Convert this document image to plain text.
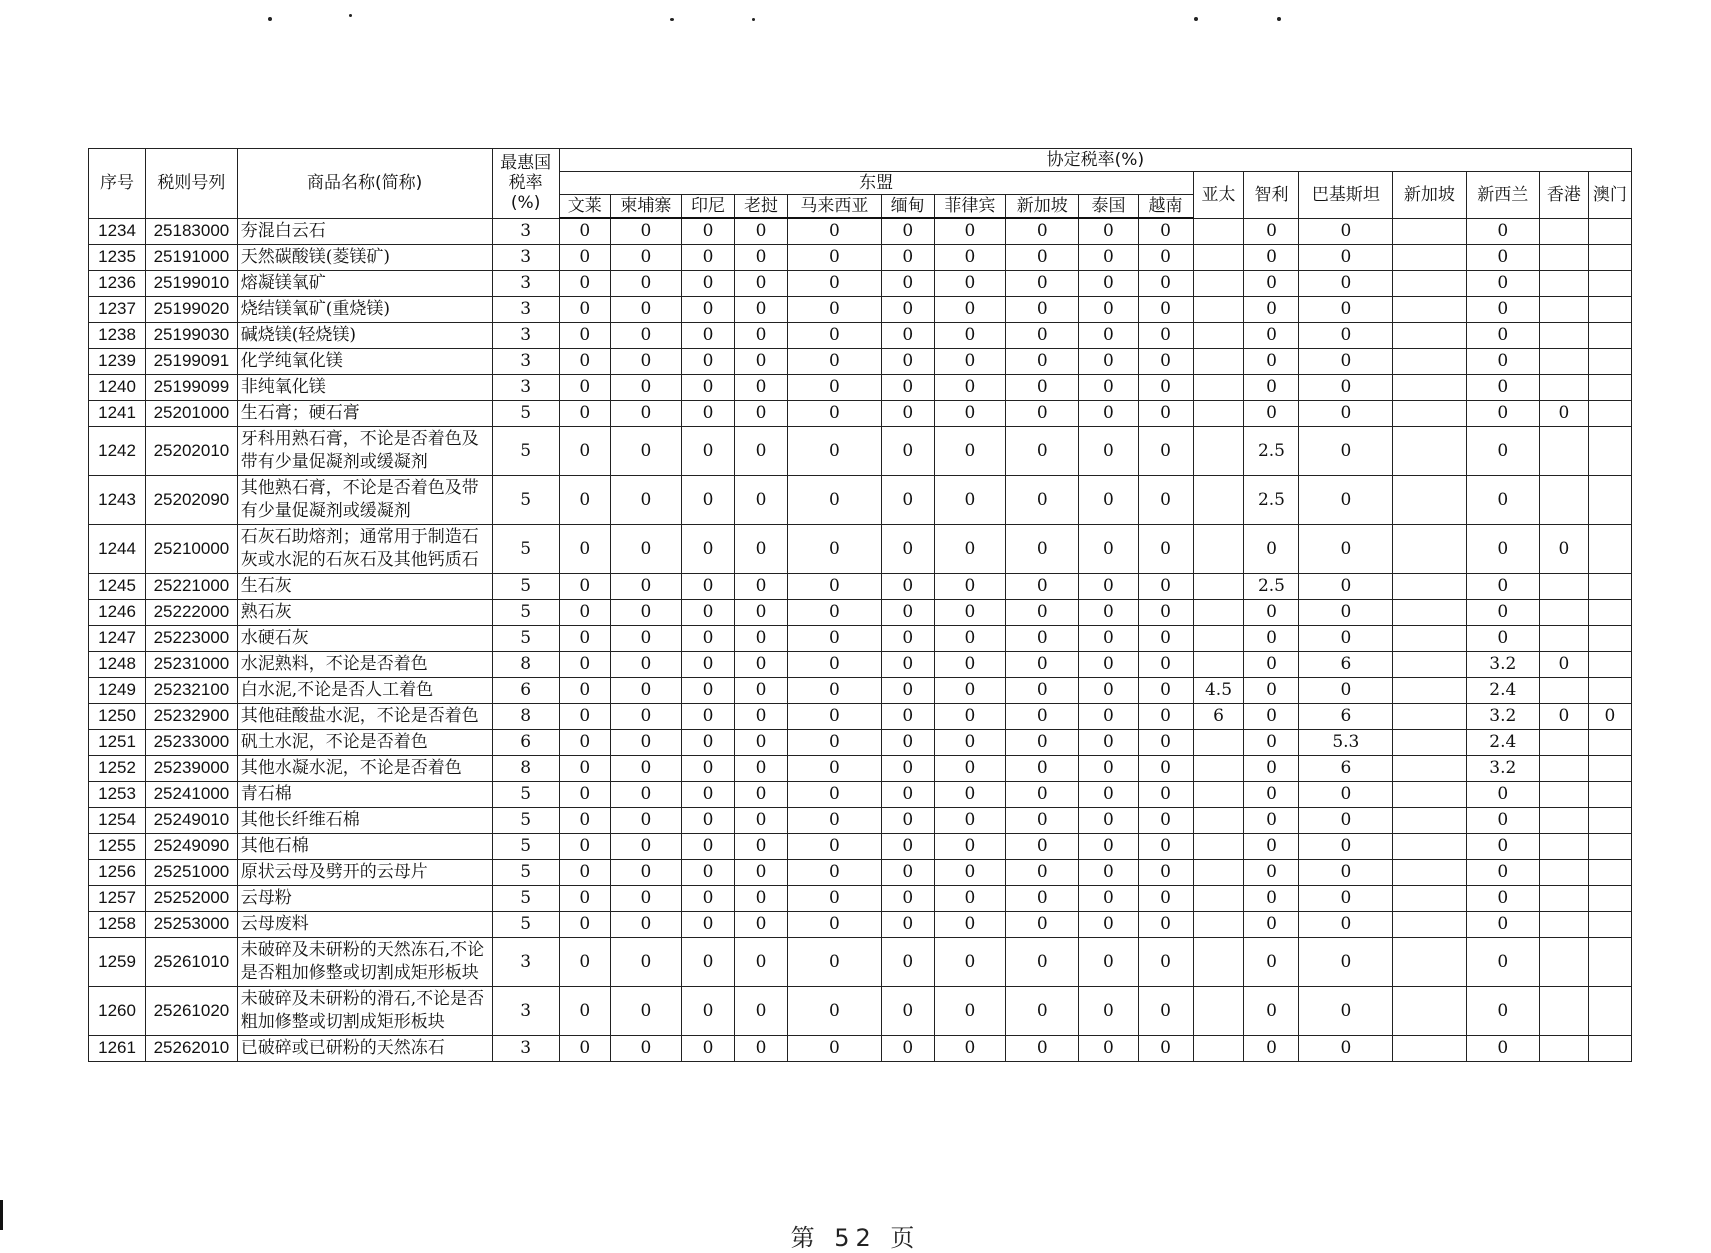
序号	税则号列	商品名称(简称)	最惠国税率(%)	协定税率(%)																
				东盟										亚太	智利	巴基斯坦	新加坡	新西兰	香港	澳门
				文莱	柬埔寨	印尼	老挝	马来西亚	缅甸	菲律宾	新加坡	泰国	越南							
1234	25183000	夯混白云石	3	0	0	0	0	0	0	0	0	0	0		0	0		0		
1235	25191000	天然碳酸镁(菱镁矿)	3	0	0	0	0	0	0	0	0	0	0		0	0		0		
1236	25199010	熔凝镁氧矿	3	0	0	0	0	0	0	0	0	0	0		0	0		0		
1237	25199020	烧结镁氧矿(重烧镁)	3	0	0	0	0	0	0	0	0	0	0		0	0		0		
1238	25199030	碱烧镁(轻烧镁)	3	0	0	0	0	0	0	0	0	0	0		0	0		0		
1239	25199091	化学纯氧化镁	3	0	0	0	0	0	0	0	0	0	0		0	0		0		
1240	25199099	非纯氧化镁	3	0	0	0	0	0	0	0	0	0	0		0	0		0		
1241	25201000	生石膏；硬石膏	5	0	0	0	0	0	0	0	0	0	0		0	0		0	0	
1242	25202010	牙科用熟石膏，不论是否着色及带有少量促凝剂或缓凝剂	5	0	0	0	0	0	0	0	0	0	0		2.5	0		0		
1243	25202090	其他熟石膏，不论是否着色及带有少量促凝剂或缓凝剂	5	0	0	0	0	0	0	0	0	0	0		2.5	0		0		
1244	25210000	石灰石助熔剂；通常用于制造石灰或水泥的石灰石及其他钙质石	5	0	0	0	0	0	0	0	0	0	0		0	0		0	0	
1245	25221000	生石灰	5	0	0	0	0	0	0	0	0	0	0		2.5	0		0		
1246	25222000	熟石灰	5	0	0	0	0	0	0	0	0	0	0		0	0		0		
1247	25223000	水硬石灰	5	0	0	0	0	0	0	0	0	0	0		0	0		0		
1248	25231000	水泥熟料，不论是否着色	8	0	0	0	0	0	0	0	0	0	0		0	6		3.2	0	
1249	25232100	白水泥,不论是否人工着色	6	0	0	0	0	0	0	0	0	0	0	4.5	0	0		2.4		
1250	25232900	其他硅酸盐水泥，不论是否着色	8	0	0	0	0	0	0	0	0	0	0	6	0	6		3.2	0	0
1251	25233000	矾土水泥，不论是否着色	6	0	0	0	0	0	0	0	0	0	0		0	5.3		2.4		
1252	25239000	其他水凝水泥，不论是否着色	8	0	0	0	0	0	0	0	0	0	0		0	6		3.2		
1253	25241000	青石棉	5	0	0	0	0	0	0	0	0	0	0		0	0		0		
1254	25249010	其他长纤维石棉	5	0	0	0	0	0	0	0	0	0	0		0	0		0		
1255	25249090	其他石棉	5	0	0	0	0	0	0	0	0	0	0		0	0		0		
1256	25251000	原状云母及劈开的云母片	5	0	0	0	0	0	0	0	0	0	0		0	0		0		
1257	25252000	云母粉	5	0	0	0	0	0	0	0	0	0	0		0	0		0		
1258	25253000	云母废料	5	0	0	0	0	0	0	0	0	0	0		0	0		0		
1259	25261010	未破碎及未研粉的天然冻石,不论是否粗加修整或切割成矩形板块	3	0	0	0	0	0	0	0	0	0	0		0	0		0		
1260	25261020	未破碎及未研粉的滑石,不论是否粗加修整或切割成矩形板块	3	0	0	0	0	0	0	0	0	0	0		0	0		0		
1261	25262010	已破碎或已研粉的天然冻石	3	0	0	0	0	0	0	0	0	0	0		0	0		0		
第 52 页
